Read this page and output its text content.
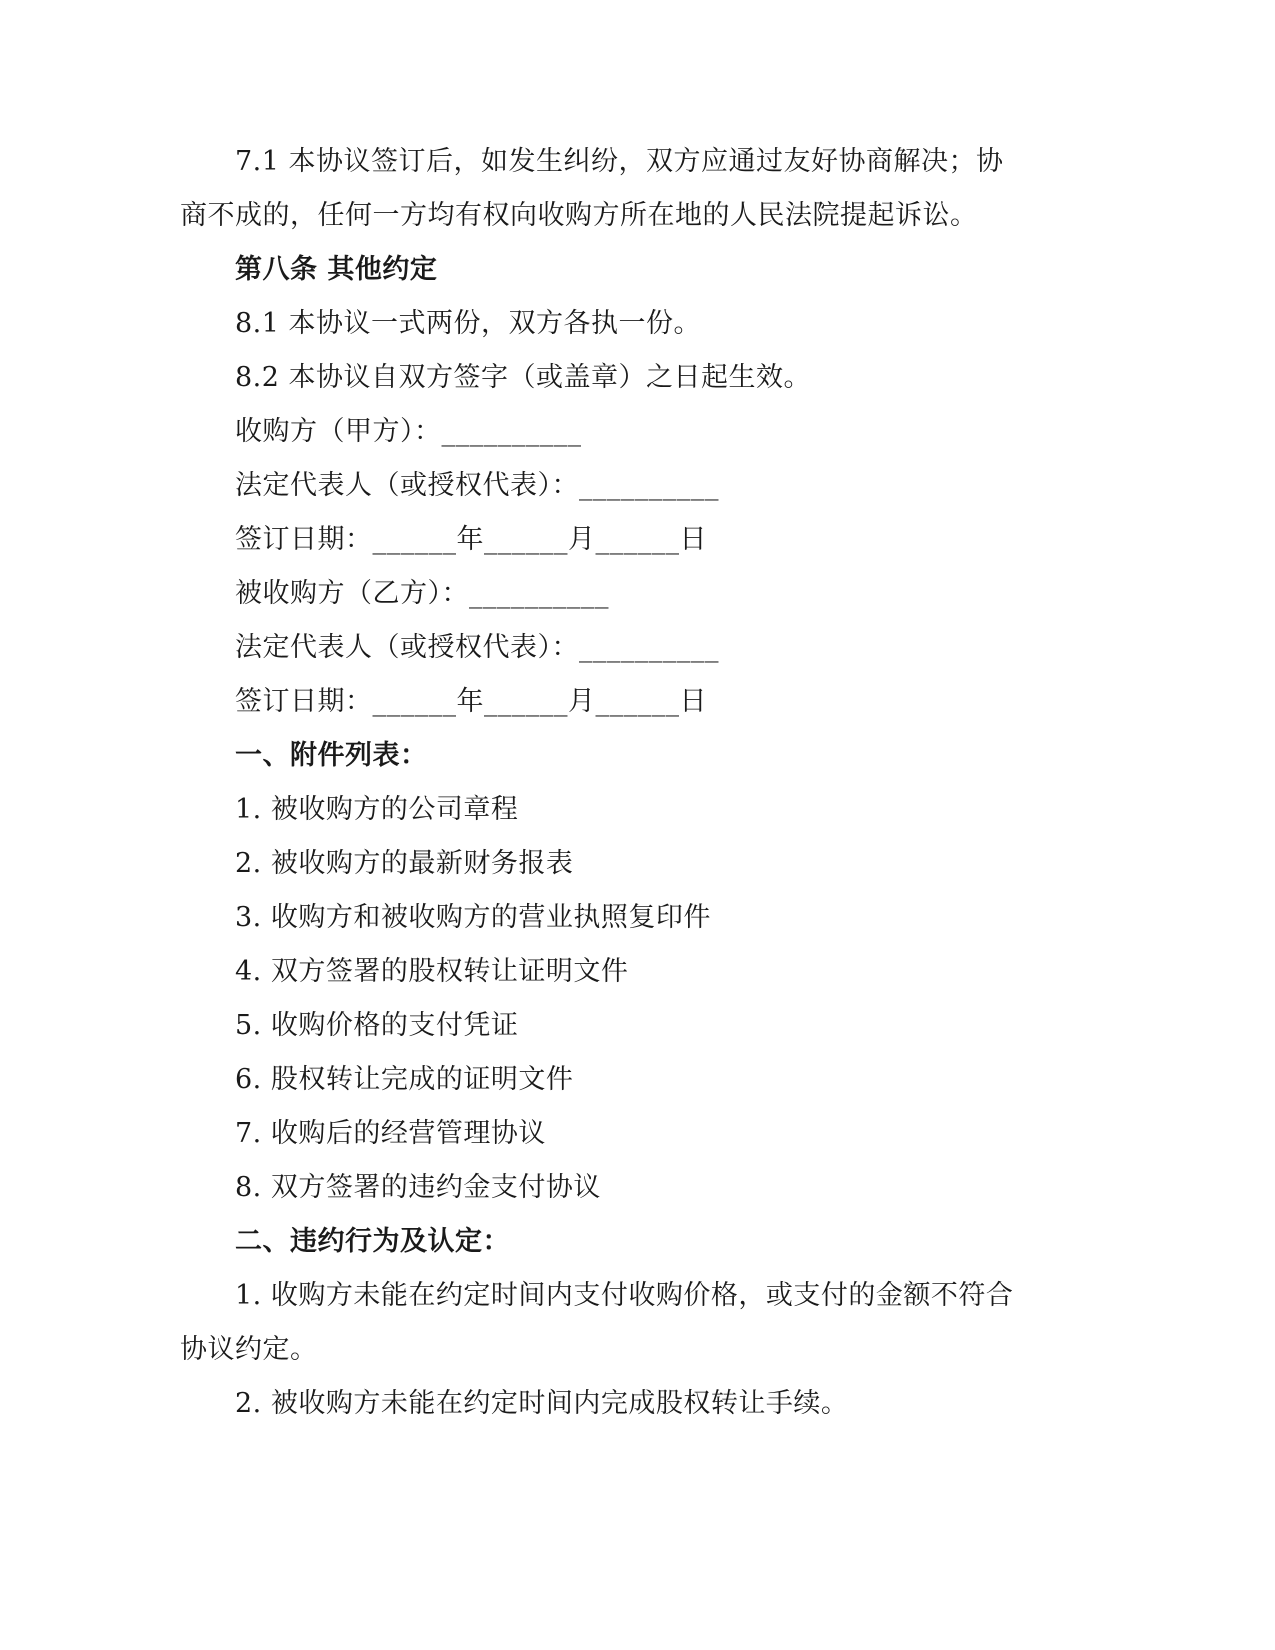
7.1 本协议签订后，如发生纠纷，双方应通过友好协商解决；协
商不成的，任何一方均有权向收购方所在地的人民法院提起诉讼。
第八条 其他约定
8.1 本协议一式两份，双方各执一份。
8.2 本协议自双方签字（或盖章）之日起生效。
收购方（甲方）：__________
法定代表人（或授权代表）：__________
签订日期：______年______月______日
被收购方（乙方）：__________
法定代表人（或授权代表）：__________
签订日期：______年______月______日
一、附件列表：
1. 被收购方的公司章程
2. 被收购方的最新财务报表
3. 收购方和被收购方的营业执照复印件
4. 双方签署的股权转让证明文件
5. 收购价格的支付凭证
6. 股权转让完成的证明文件
7. 收购后的经营管理协议
8. 双方签署的违约金支付协议
二、违约行为及认定：
1. 收购方未能在约定时间内支付收购价格，或支付的金额不符合
协议约定。
2. 被收购方未能在约定时间内完成股权转让手续。
